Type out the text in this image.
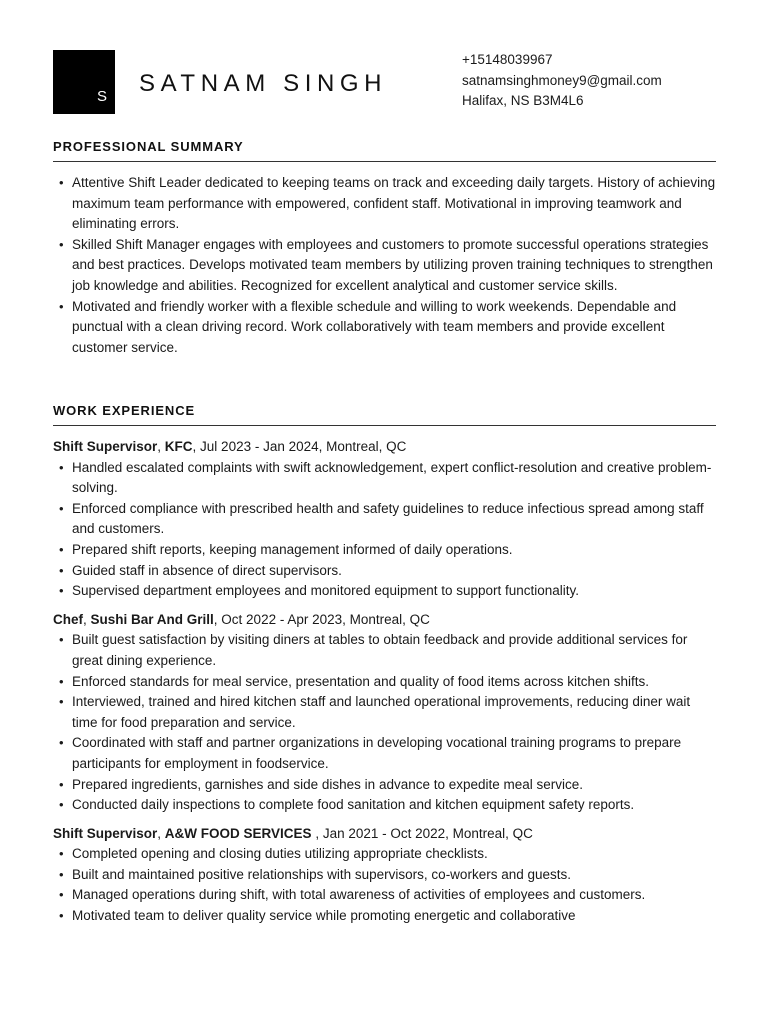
S SATNAM SINGH
+15148039967
satnamsinghmoney9@gmail.com
Halifax, NS B3M4L6
PROFESSIONAL SUMMARY
• Attentive Shift Leader dedicated to keeping teams on track and exceeding daily targets. History of achieving maximum team performance with empowered, confident staff. Motivational in improving teamwork and eliminating errors.
• Skilled Shift Manager engages with employees and customers to promote successful operations strategies and best practices. Develops motivated team members by utilizing proven training techniques to strengthen job knowledge and abilities. Recognized for excellent analytical and customer service skills.
• Motivated and friendly worker with a flexible schedule and willing to work weekends. Dependable and punctual with a clean driving record. Work collaboratively with team members and provide excellent customer service.
WORK EXPERIENCE
Shift Supervisor, KFC, Jul 2023 - Jan 2024, Montreal, QC
• Handled escalated complaints with swift acknowledgement, expert conflict-resolution and creative problem-solving.
• Enforced compliance with prescribed health and safety guidelines to reduce infectious spread among staff and customers.
• Prepared shift reports, keeping management informed of daily operations.
• Guided staff in absence of direct supervisors.
• Supervised department employees and monitored equipment to support functionality.
Chef, Sushi Bar And Grill, Oct 2022 - Apr 2023, Montreal, QC
• Built guest satisfaction by visiting diners at tables to obtain feedback and provide additional services for great dining experience.
• Enforced standards for meal service, presentation and quality of food items across kitchen shifts.
• Interviewed, trained and hired kitchen staff and launched operational improvements, reducing diner wait time for food preparation and service.
• Coordinated with staff and partner organizations in developing vocational training programs to prepare participants for employment in foodservice.
• Prepared ingredients, garnishes and side dishes in advance to expedite meal service.
• Conducted daily inspections to complete food sanitation and kitchen equipment safety reports.
Shift Supervisor, A&W FOOD SERVICES , Jan 2021 - Oct 2022, Montreal, QC
• Completed opening and closing duties utilizing appropriate checklists.
• Built and maintained positive relationships with supervisors, co-workers and guests.
• Managed operations during shift, with total awareness of activities of employees and customers.
• Motivated team to deliver quality service while promoting energetic and collaborative
